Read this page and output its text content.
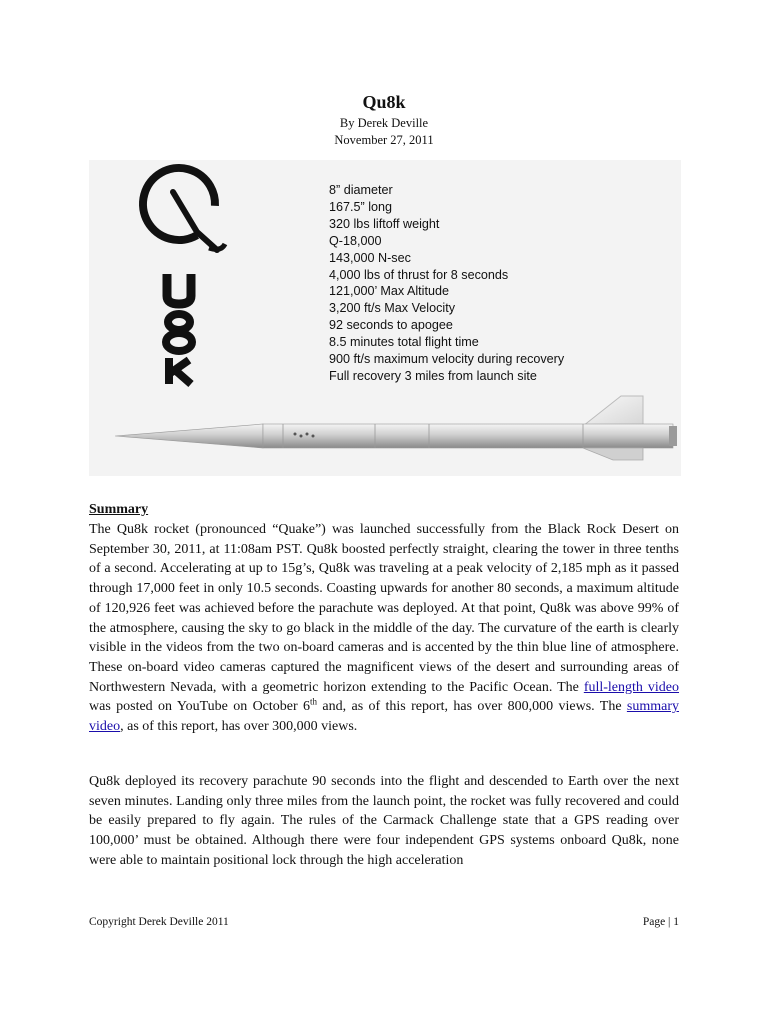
Qu8k
By Derek Deville
November 27, 2011
8” diameter
167.5” long
320 lbs liftoff weight
Q-18,000
143,000 N-sec
4,000 lbs of thrust for 8 seconds
121,000’ Max Altitude
3,200 ft/s Max Velocity
92 seconds to apogee
8.5 minutes total flight time
900 ft/s maximum velocity during recovery
Full recovery 3 miles from launch site
Summary

The Qu8k rocket (pronounced “Quake”) was launched successfully from the Black Rock Desert on September 30, 2011, at 11:08am PST. Qu8k boosted perfectly straight, clearing the tower in three tenths of a second. Accelerating at up to 15g’s, Qu8k was traveling at a peak velocity of 2,185 mph as it passed through 17,000 feet in only 10.5 seconds. Coasting upwards for another 80 seconds, a maximum altitude of 120,926 feet was achieved before the parachute was deployed. At that point, Qu8k was above 99% of the atmosphere, causing the sky to go black in the middle of the day. The curvature of the earth is clearly visible in the videos from the two on-board cameras and is accented by the thin blue line of atmosphere. These on-board video cameras captured the magnificent views of the desert and surrounding areas of Northwestern Nevada, with a geometric horizon extending to the Pacific Ocean. The full-length video was posted on YouTube on October 6th and, as of this report, has over 800,000 views. The summary video, as of this report, has over 300,000 views.

Qu8k deployed its recovery parachute 90 seconds into the flight and descended to Earth over the next seven minutes. Landing only three miles from the launch point, the rocket was fully recovered and could be easily prepared to fly again. The rules of the Carmack Challenge state that a GPS reading over 100,000’ must be obtained. Although there were four independent GPS systems onboard Qu8k, none were able to maintain positional lock through the high acceleration

Copyright Derek Deville 2011	Page | 1
